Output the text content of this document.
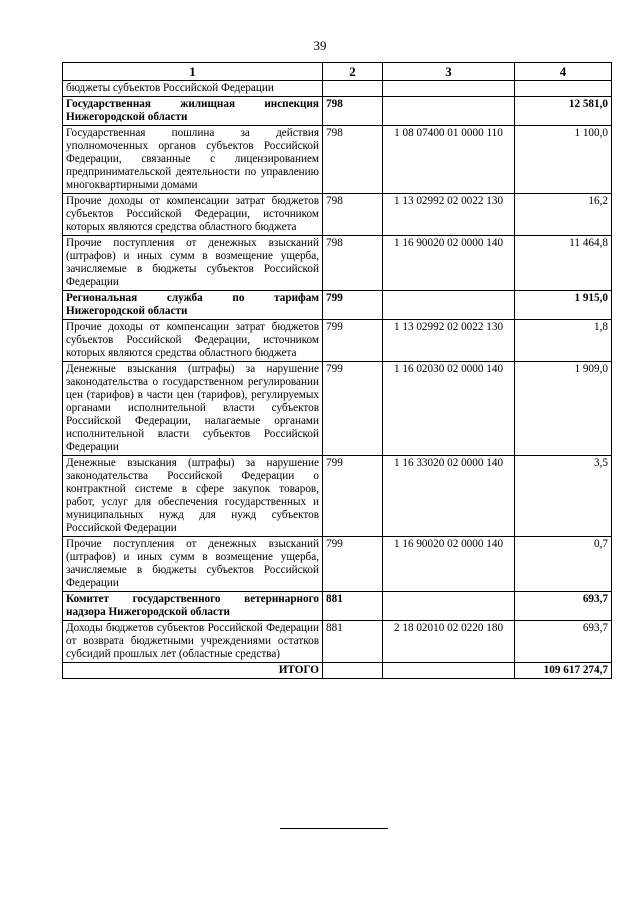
39
1	2	3	4
бюджеты субъектов Российской Федерации			
Государственная жилищная инспекция Нижегородской области	798		12 581,0
Государственная пошлина за действия уполномоченных органов субъектов Российской Федерации, связанные с лицензированием предпринимательской деятельности по управлению многоквартирными домами	798	1 08 07400 01 0000 110	1 100,0
Прочие доходы от компенсации затрат бюджетов субъектов Российской Федерации, источником которых являются средства областного бюджета	798	1 13 02992 02 0022 130	16,2
Прочие поступления от денежных взысканий (штрафов) и иных сумм в возмещение ущерба, зачисляемые в бюджеты субъектов Российской Федерации	798	1 16 90020 02 0000 140	11 464,8
Региональная служба по тарифам Нижегородской области	799		1 915,0
Прочие доходы от компенсации затрат бюджетов субъектов Российской Федерации, источником которых являются средства областного бюджета	799	1 13 02992 02 0022 130	1,8
Денежные взыскания (штрафы) за нарушение законодательства о государственном регулировании цен (тарифов) в части цен (тарифов), регулируемых органами исполнительной власти субъектов Российской Федерации, налагаемые органами исполнительной власти субъектов Российской Федерации	799	1 16 02030 02 0000 140	1 909,0
Денежные взыскания (штрафы) за нарушение законодательства Российской Федерации о контрактной системе в сфере закупок товаров, работ, услуг для обеспечения государственных и муниципальных нужд для нужд субъектов Российской Федерации	799	1 16 33020 02 0000 140	3,5
Прочие поступления от денежных взысканий (штрафов) и иных сумм в возмещение ущерба, зачисляемые в бюджеты субъектов Российской Федерации	799	1 16 90020 02 0000 140	0,7
Комитет государственного ветеринарного надзора Нижегородской области	881		693,7
Доходы бюджетов субъектов Российской Федерации от возврата бюджетными учреждениями остатков субсидий прошлых лет (областные средства)	881	2 18 02010 02 0220 180	693,7
ИТОГО			109 617 274,7
